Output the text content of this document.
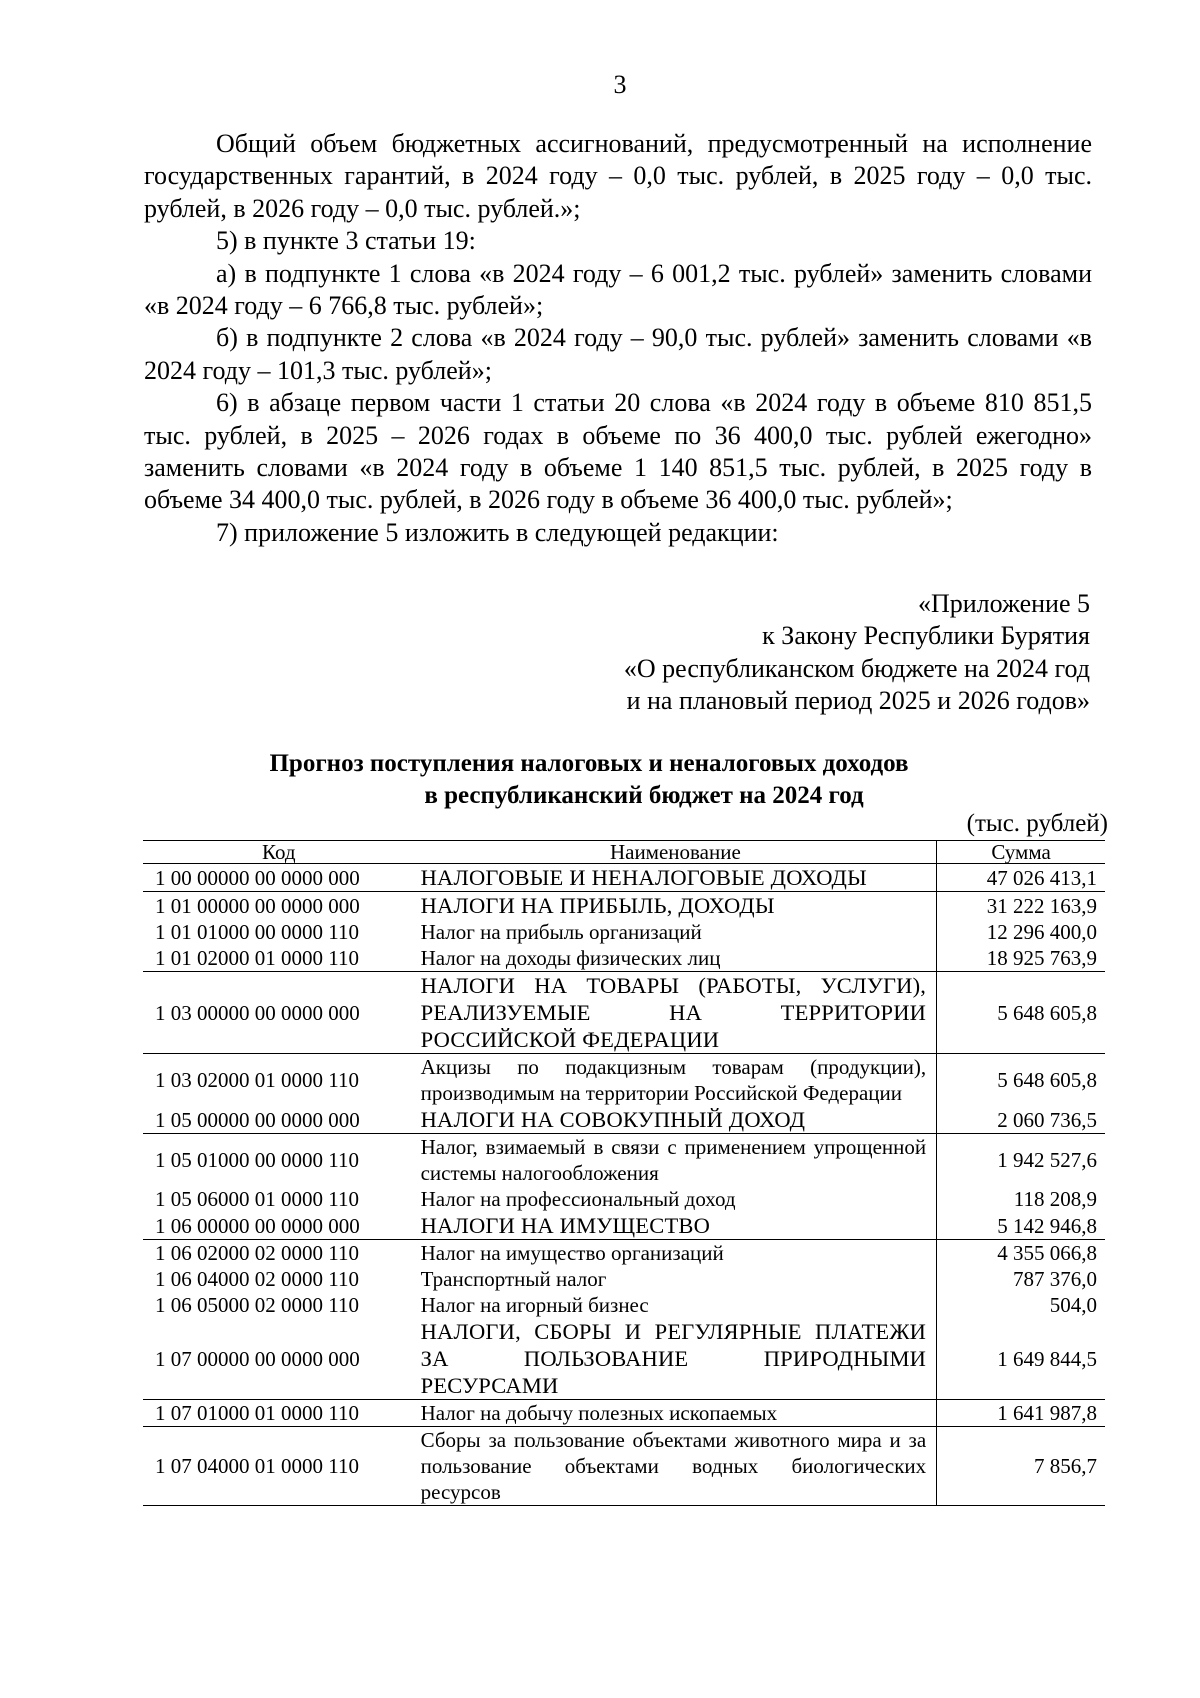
3

Общий объем бюджетных ассигнований, предусмотренный на исполнение государственных гарантий, в 2024 году – 0,0 тыс. рублей, в 2025 году – 0,0 тыс. рублей, в 2026 году – 0,0 тыс. рублей.»;

5) в пункте 3 статьи 19:

а) в подпункте 1 слова «в 2024 году – 6 001,2 тыс. рублей» заменить словами «в 2024 году – 6 766,8 тыс. рублей»;

б) в подпункте 2 слова «в 2024 году – 90,0 тыс. рублей» заменить словами «в 2024 году – 101,3 тыс. рублей»;

6) в абзаце первом части 1 статьи 20 слова «в 2024 году в объеме 810 851,5 тыс. рублей, в 2025 – 2026 годах в объеме по 36 400,0 тыс. рублей ежегодно» заменить словами «в 2024 году в объеме 1 140 851,5 тыс. рублей, в 2025 году в объеме 34 400,0 тыс. рублей, в 2026 году в объеме 36 400,0 тыс. рублей»;

7) приложение 5 изложить в следующей редакции:

«Приложение 5
к Закону Республики Бурятия
«О республиканском бюджете на 2024 год
и на плановый период 2025 и 2026 годов»
Прогноз поступления налоговых и неналоговых доходов
в республиканский бюджет на 2024 год
(тыс. рублей)
Код	Наименование	Сумма
1 00 00000 00 0000 000	НАЛОГОВЫЕ И НЕНАЛОГОВЫЕ ДОХОДЫ	47 026 413,1
1 01 00000 00 0000 000	НАЛОГИ НА ПРИБЫЛЬ, ДОХОДЫ	31 222 163,9
1 01 01000 00 0000 110	Налог на прибыль организаций	12 296 400,0
1 01 02000 01 0000 110	Налог на доходы физических лиц	18 925 763,9
1 03 00000 00 0000 000	НАЛОГИ НА ТОВАРЫ (РАБОТЫ, УСЛУГИ), РЕАЛИЗУЕМЫЕ НА ТЕРРИТОРИИ РОССИЙСКОЙ ФЕДЕРАЦИИ	5 648 605,8
1 03 02000 01 0000 110	Акцизы по подакцизным товарам (продукции), производимым на территории Российской Федерации	5 648 605,8
1 05 00000 00 0000 000	НАЛОГИ НА СОВОКУПНЫЙ ДОХОД	2 060 736,5
1 05 01000 00 0000 110	Налог, взимаемый в связи с применением упрощенной системы налогообложения	1 942 527,6
1 05 06000 01 0000 110	Налог на профессиональный доход	118 208,9
1 06 00000 00 0000 000	НАЛОГИ НА ИМУЩЕСТВО	5 142 946,8
1 06 02000 02 0000 110	Налог на имущество организаций	4 355 066,8
1 06 04000 02 0000 110	Транспортный налог	787 376,0
1 06 05000 02 0000 110	Налог на игорный бизнес	504,0
1 07 00000 00 0000 000	НАЛОГИ, СБОРЫ И РЕГУЛЯРНЫЕ ПЛАТЕЖИ ЗА ПОЛЬЗОВАНИЕ ПРИРОДНЫМИ РЕСУРСАМИ	1 649 844,5
1 07 01000 01 0000 110	Налог на добычу полезных ископаемых	1 641 987,8
1 07 04000 01 0000 110	Сборы за пользование объектами животного мира и за пользование объектами водных биологических ресурсов	7 856,7
